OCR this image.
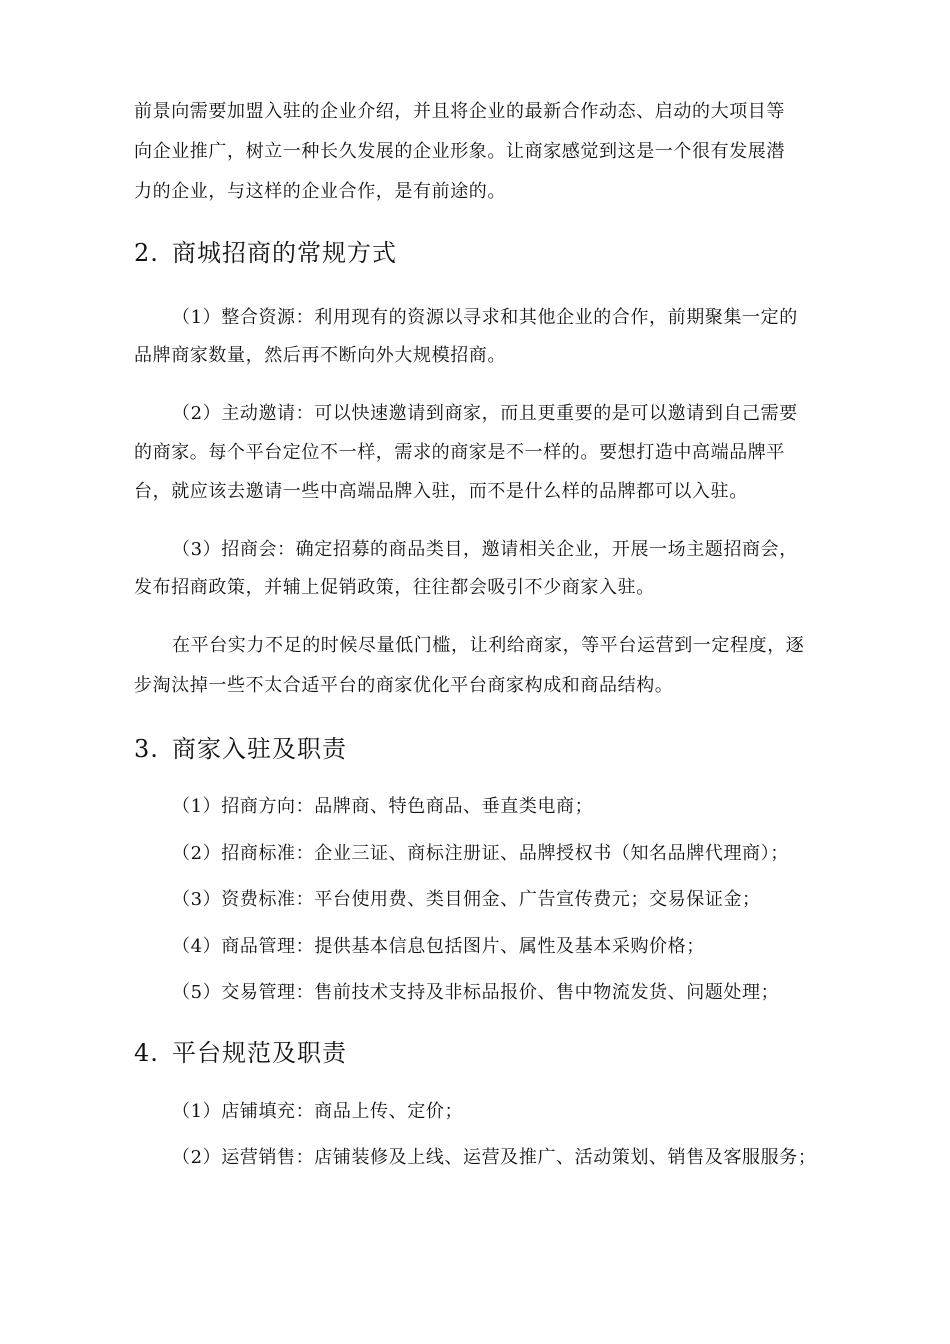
前景向需要加盟入驻的企业介绍，并且将企业的最新合作动态、启动的大项目等
向企业推广，树立一种长久发展的企业形象。让商家感觉到这是一个很有发展潜
力的企业，与这样的企业合作，是有前途的。
2. 商城招商的常规方式
（1）整合资源：利用现有的资源以寻求和其他企业的合作，前期聚集一定的
品牌商家数量，然后再不断向外大规模招商。
（2）主动邀请：可以快速邀请到商家，而且更重要的是可以邀请到自己需要
的商家。每个平台定位不一样，需求的商家是不一样的。要想打造中高端品牌平
台，就应该去邀请一些中高端品牌入驻，而不是什么样的品牌都可以入驻。
（3）招商会：确定招募的商品类目，邀请相关企业，开展一场主题招商会，
发布招商政策，并辅上促销政策，往往都会吸引不少商家入驻。
在平台实力不足的时候尽量低门槛，让利给商家，等平台运营到一定程度，逐
步淘汰掉一些不太合适平台的商家优化平台商家构成和商品结构。
3. 商家入驻及职责
（1）招商方向：品牌商、特色商品、垂直类电商；
（2）招商标准：企业三证、商标注册证、品牌授权书（知名品牌代理商）；
（3）资费标准：平台使用费、类目佣金、广告宣传费元；交易保证金；
（4）商品管理：提供基本信息包括图片、属性及基本采购价格；
（5）交易管理：售前技术支持及非标品报价、售中物流发货、问题处理；
4. 平台规范及职责
（1）店铺填充：商品上传、定价；
（2）运营销售：店铺装修及上线、运营及推广、活动策划、销售及客服服务；
